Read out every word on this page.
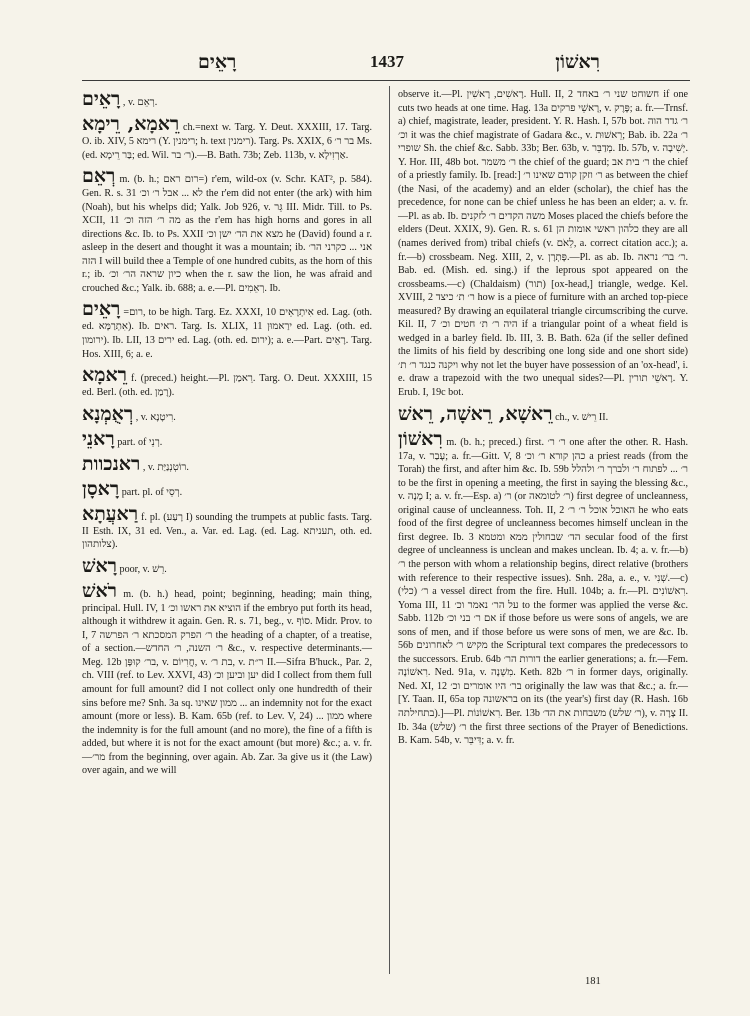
רָאֵים	1437	רִאשׁוֹן

רָאֵים , v. רְאֵם.

רֵאמָא, רֵימָא ch.=next w. Targ. Y. Deut. XXXIII, 17. Targ. O. ib. XIV, 5 רימא (Y. רימנין; h. text רימנין). Targ. Ps. XXIX, 6 בר ר׳ Ms. (ed. בַּר רֵימָא; ed. Wil. ר׳ בר).—B. Bath. 73b; Zeb. 113b, v. אַרְזִילָא.

רְאֵם m. (b. h.; רום ראם=) r'em, wild-ox (v. Schr. KAT², p. 584). Gen. R. s. 31 לא ... אבל ר׳ וכ׳ the r'em did not enter (the ark) with him (Noah), but his whelps did; Yalk. Job 926, v. גֵּר III. Midr. Till. to Ps. XCII, 11 מה ר׳ הזה וכ׳ as the r'em has high horns and gores in all directions &c. Ib. to Ps. XXII מצא את הד׳ ישן וכ׳ he (David) found a r. asleep in the desert and thought it was a mountain; ib. אני ... כקרני הר׳ הזה I will build thee a Temple of one hundred cubits, as the horn of this r.; ib. כיון שראה הר׳ וכ׳ when the r. saw the lion, he was afraid and crouched &c.; Yalk. ib. 688; a. e.—Pl. רְאֵמִים. Ib.

רָאֵים =רום, to be high. Targ. Ez. XXXI, 10 אִיתְרָאֵים ed. Lag. (oth. ed. אִתְרַמָּא). Ib. ראים. Targ. Is. XLIX, 11 ירַאמוּן ed. Lag. (oth. ed. ירומון). Ib. LII, 13 ירים ed. Lag. (oth. ed. ירום); a. e.—Part. רָאֵים. Targ. Hos. XIII, 6; a. e.

רֵאמָא f. (preced.) height.—Pl. רֵאמַן. Targ. O. Deut. XXXIII, 15 ed. Berl. (oth. ed. רָמַן).

רְאֻמְנָא , v. רִיטָנָא.

רָאנֵי part. of רְנֵי.

ראנכוות , v. רוֹטְנְנַיַּת.

רָאסָן part. pl. of רְסֵי.

רַאעֲתָא f. pl. (רָעַע I) sounding the trumpets at public fasts. Targ. II Esth. IX, 31 ed. Ven., a. Var. ed. Lag. (ed. Lag. תעניתא, oth. ed. צלותהון).

רָאשׁ poor, v. רֵשׁ.

רֹאשׁ m. (b. h.) head, point; beginning, heading; main thing, principal. Hull. IV, 1 הוציא את ראשו וכ׳ if the embryo put forth its head, although it withdrew it again. Gen. R. s. 71, beg., v. סוֹף. Midr. Prov. to I, 7 ר׳ הפרק המסכתא ר׳ הפרשה the heading of a chapter, of a treatise, of a section.—ר׳ השנה, ר׳ החדש &c., v. respective determinants.—Meg. 12b בר׳ קוּפָּן, v. חֲרִיוֹם, v. בת ר׳, v. ר״ת II.—Sifra B'huck., Par. 2, ch. VIII (ref. to Lev. XXVI, 43) יען וביען וכ׳ did I collect from them full amount for full amount? did I not collect only one hundredth of their sins before me? Snh. 3a sq. ממון שאינו ... an indemnity not for the exact amount (more or less). B. Kam. 65b (ref. to Lev. V, 24) ... ממון where the indemnity is for the full amount (and no more), the fine of a fifth is added, but where it is not for the exact amount (but more) &c.; a. v. fr.—מר׳ from the beginning, over again. Ab. Zar. 3a give us it (the Law) over again, and we will

observe it.—Pl. רָאשִׁים, רָאשִׁין. Hull. II, 2 חשוחט שני ר׳ באחד if one cuts two heads at one time. Hag. 13a רָאשֵׁי פרקים, v. פֶּרֶק; a. fr.—Trnsf. a) chief, magistrate, leader, president. Y. R. Hash. I, 57b bot. ר׳ גדר הוה וכ׳ it was the chief magistrate of Gadara &c., v. רֵאשׁוּת; Bab. ib. 22a ר׳ שופרי Sh. the chief &c. Sabb. 33b; Ber. 63b, v. מְדַבֵּר. Ib. 57b, v. יְשִׁיבָה. Y. Hor. III, 48b bot. ר׳ משמר the chief of the guard; ר׳ בית אב the chief of a priestly family. Ib. [read:] ר׳ וזקן קודם שאינו ר׳ as between the chief (the Nasi, of the academy) and an elder (scholar), the chief has the precedence, for none can be chief unless he has been an elder; a. v. fr.—Pl. as ab. Ib. משה הקדים ר׳ לזקנים Moses placed the chiefs before the elders (Deut. XXIX, 9). Gen. R. s. 61 כלהון ראשי אומות הן they are all (names derived from) tribal chiefs (v. לֵאֹם, a. correct citation acc.); a. fr.—b) crossbeam. Neg. XIII, 2, v. פָּתְרָן.—Pl. as ab. Ib. ר׳ בר׳ נראה. Bab. ed. (Mish. ed. sing.) if the leprous spot appeared on the crossbeams.—c) (Chaldaism) (תור) [ox-head,] triangle, wedge. Kel. XVIII, 2 ר׳ ת׳ כיצד how is a piece of furniture with an arched top-piece measured? By drawing an equilateral triangle circumscribing the curve. Kil. II, 7 היה ר׳ ת׳ חטים וכ׳ if a triangular point of a wheat field is wedged in a barley field. Ib. III, 3. B. Bath. 62a (if the seller defined the limits of his field by describing one long side and one short side) ויקנה כנגד ר׳ ת׳ why not let the buyer have possession of an 'ox-head', i. e. draw a trapezoid with the two unequal sides?—Pl. רָאשֵׁי תורין. Y. Erub. I, 19c bot.

רֵאשָׁא, רֵאשָׁה, רֵאשׁ ch., v. רֵישׁ II.

רִאשׁוֹן m. (b. h.; preced.) first. ר׳ ר׳ one after the other. R. Hash. 17a, v. עָבַר; a. fr.—Gitt. V, 8 כהן קורא ר׳ וכ׳ a priest reads (from the Torah) the first, and after him &c. Ib. 59b ר׳ ... לפתוח ר׳ ולברך ר׳ ולהלל to be the first in opening a meeting, the first in saying the blessing &c., v. מָנָה I; a. v. fr.—Esp. a) ר׳ (or ר׳ לטומאה) first degree of uncleanness, original cause of uncleanness. Toh. II, 2 האוכל אוכל ר׳ ר׳ he who eats food of the first degree of uncleanness becomes himself unclean in the first degree. Ib. 3 הד׳ שבחולין ממא ומטמא secular food of the first degree of uncleanness is unclean and makes unclean. Ib. 4; a. v. fr.—b) ר׳ the person with whom a relationship begins, direct relative (brothers with reference to their respective issues). Snh. 28a, a. e., v. שְׁנִי.—c) (כלי) ר׳ a vessel direct from the fire. Hull. 104b; a. fr.—Pl. רִאשׁוֹנִים. Yoma III, 11 על הר׳ נאמר וכ׳ to the former was applied the verse &c. Sabb. 112b אם ר׳ בני וכ׳ if those before us were sons of angels, we are sons of men, and if those before us were sons of men, we are &c. Ib. 56b מקיש ר׳ לאחרונים the Scriptural text compares the predecessors to the successors. Erub. 64b דורות הר׳ the earlier generations; a. fr.—Fem. רִאשׁוֹנָה. Ned. 91a, v. מִשְׁנָה. Keth. 82b ר׳ in former days, originally. Ned. XI, 12 בר׳ היו אומרים וכ׳ originally the law was that &c.; a. fr.—[Y. Taan. II, 65a top בראשונה on its (the year's) first day (R. Hash. 16b בתחילתה).]—Pl. רִאשׁוֹנוֹת. Ber. 13b ר׳ שלש) משבחות את הד׳), v. צָרָה II. Ib. 34a ר׳ (שלש) the first three sections of the Prayer of Benedictions. B. Kam. 54b, v. דִּיבֵּר; a. v. fr.

181
